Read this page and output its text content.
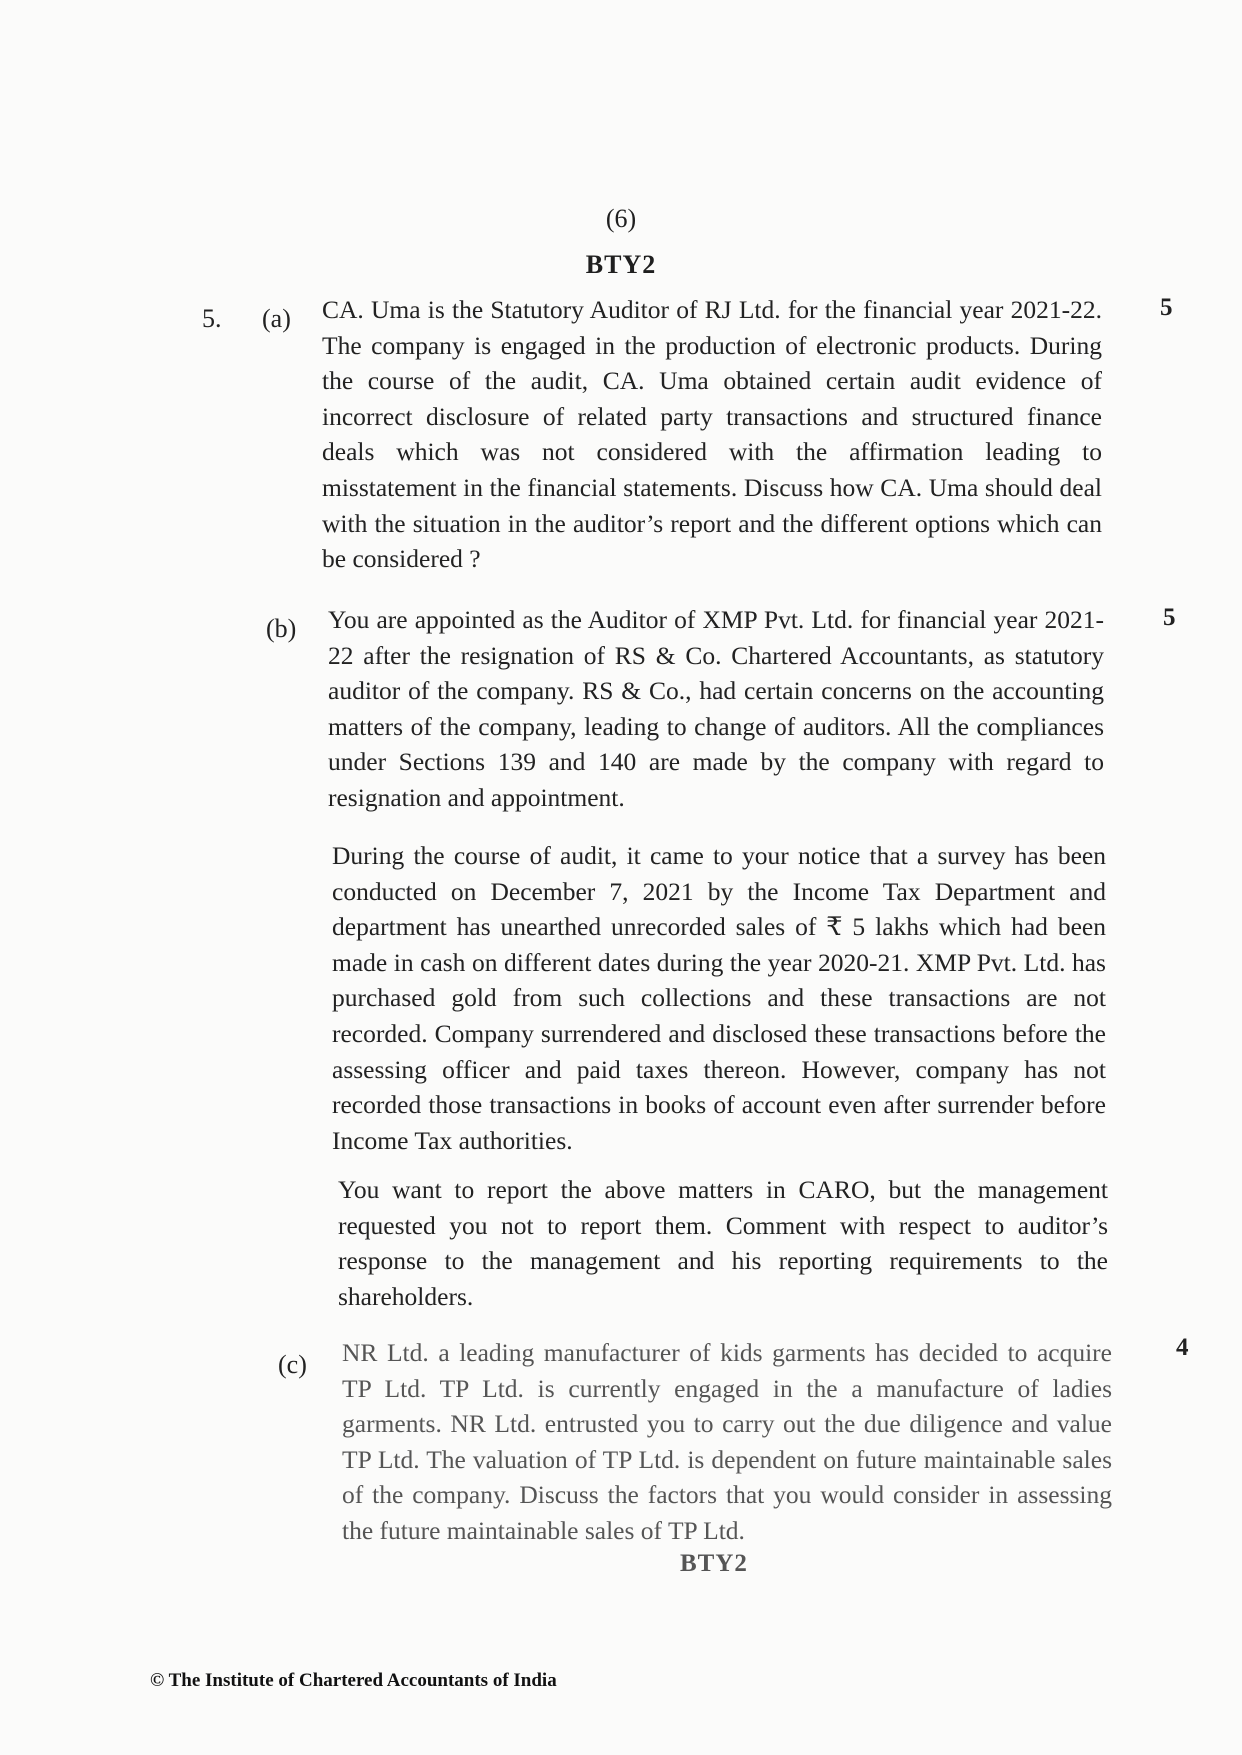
(6)
BTY2
5. (a)	5

CA. Uma is the Statutory Auditor of RJ Ltd. for the financial year 2021-22. The company is engaged in the production of electronic products. During the course of the audit, CA. Uma obtained certain audit evidence of incorrect disclosure of related party transactions and structured finance deals which was not considered with the affirmation leading to misstatement in the financial statements. Discuss how CA. Uma should deal with the situation in the auditor’s report and the different options which can be considered ?

(b)	5

You are appointed as the Auditor of XMP Pvt. Ltd. for financial year 2021-22 after the resignation of RS & Co. Chartered Accountants, as statutory auditor of the company. RS & Co., had certain concerns on the accounting matters of the company, leading to change of auditors. All the compliances under Sections 139 and 140 are made by the company with regard to resignation and appointment.

During the course of audit, it came to your notice that a survey has been conducted on December 7, 2021 by the Income Tax Department and department has unearthed unrecorded sales of ₹ 5 lakhs which had been made in cash on different dates during the year 2020-21. XMP Pvt. Ltd. has purchased gold from such collections and these transactions are not recorded. Company surrendered and disclosed these transactions before the assessing officer and paid taxes thereon. However, company has not recorded those transactions in books of account even after surrender before Income Tax authorities.

You want to report the above matters in CARO, but the management requested you not to report them. Comment with respect to auditor’s response to the management and his reporting requirements to the shareholders.

(c)
4

NR Ltd. a leading manufacturer of kids garments has decided to acquire TP Ltd. TP Ltd. is currently engaged in the a manufacture of ladies garments. NR Ltd. entrusted you to carry out the due diligence and value TP Ltd. The valuation of TP Ltd. is dependent on future maintainable sales of the company. Discuss the factors that you would consider in assessing the future maintainable sales of TP Ltd.

BTY2
© The Institute of Chartered Accountants of India
